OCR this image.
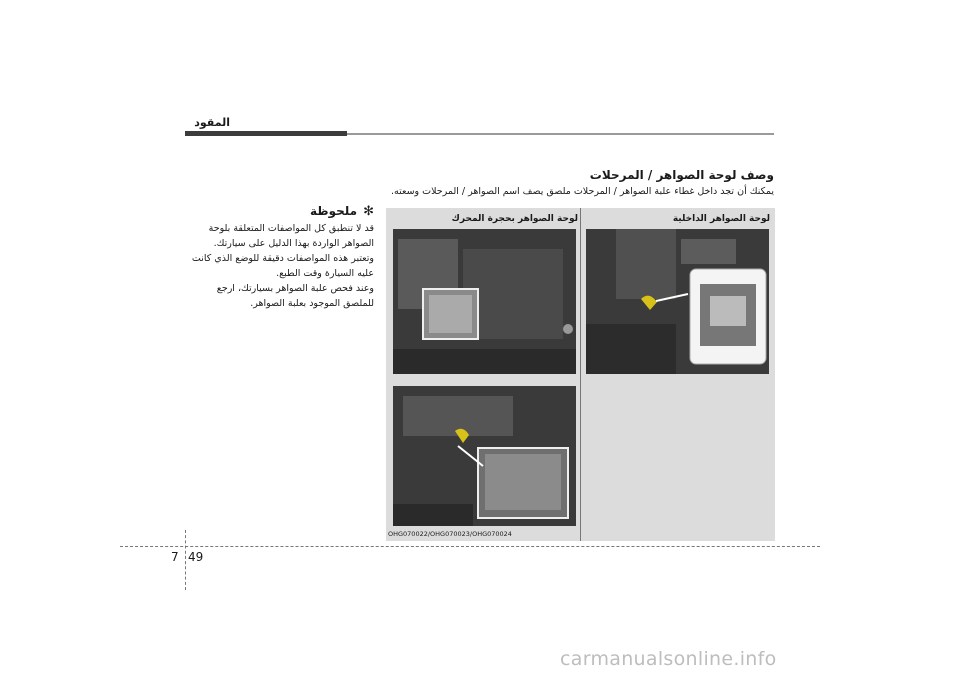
المقود
وصف لوحة الصواهر / المرحلات
يمكنك أن تجد داخل غطاء علبة الصواهر / المرحلات ملصق يصف اسم الصواهر / المرحلات وسعته.
لوحة الصواهر بحجرة المحرك	لوحة الصواهر الداخلية
OHG070022/OHG070023/OHG070024
✻ملحوظة
قد لا تنطبق كل المواصفات المتعلقة بلوحة
الصواهر الواردة بهذا الدليل على سيارتك.
وتعتبر هذه المواصفات دقيقة للوضع الذي كانت
عليه السيارة وقت الطبع.
وعند فحص علبة الصواهر بسيارتك، ارجع
للملصق الموجود بعلبة الصواهر.
7 49
carmanualsonline.info
